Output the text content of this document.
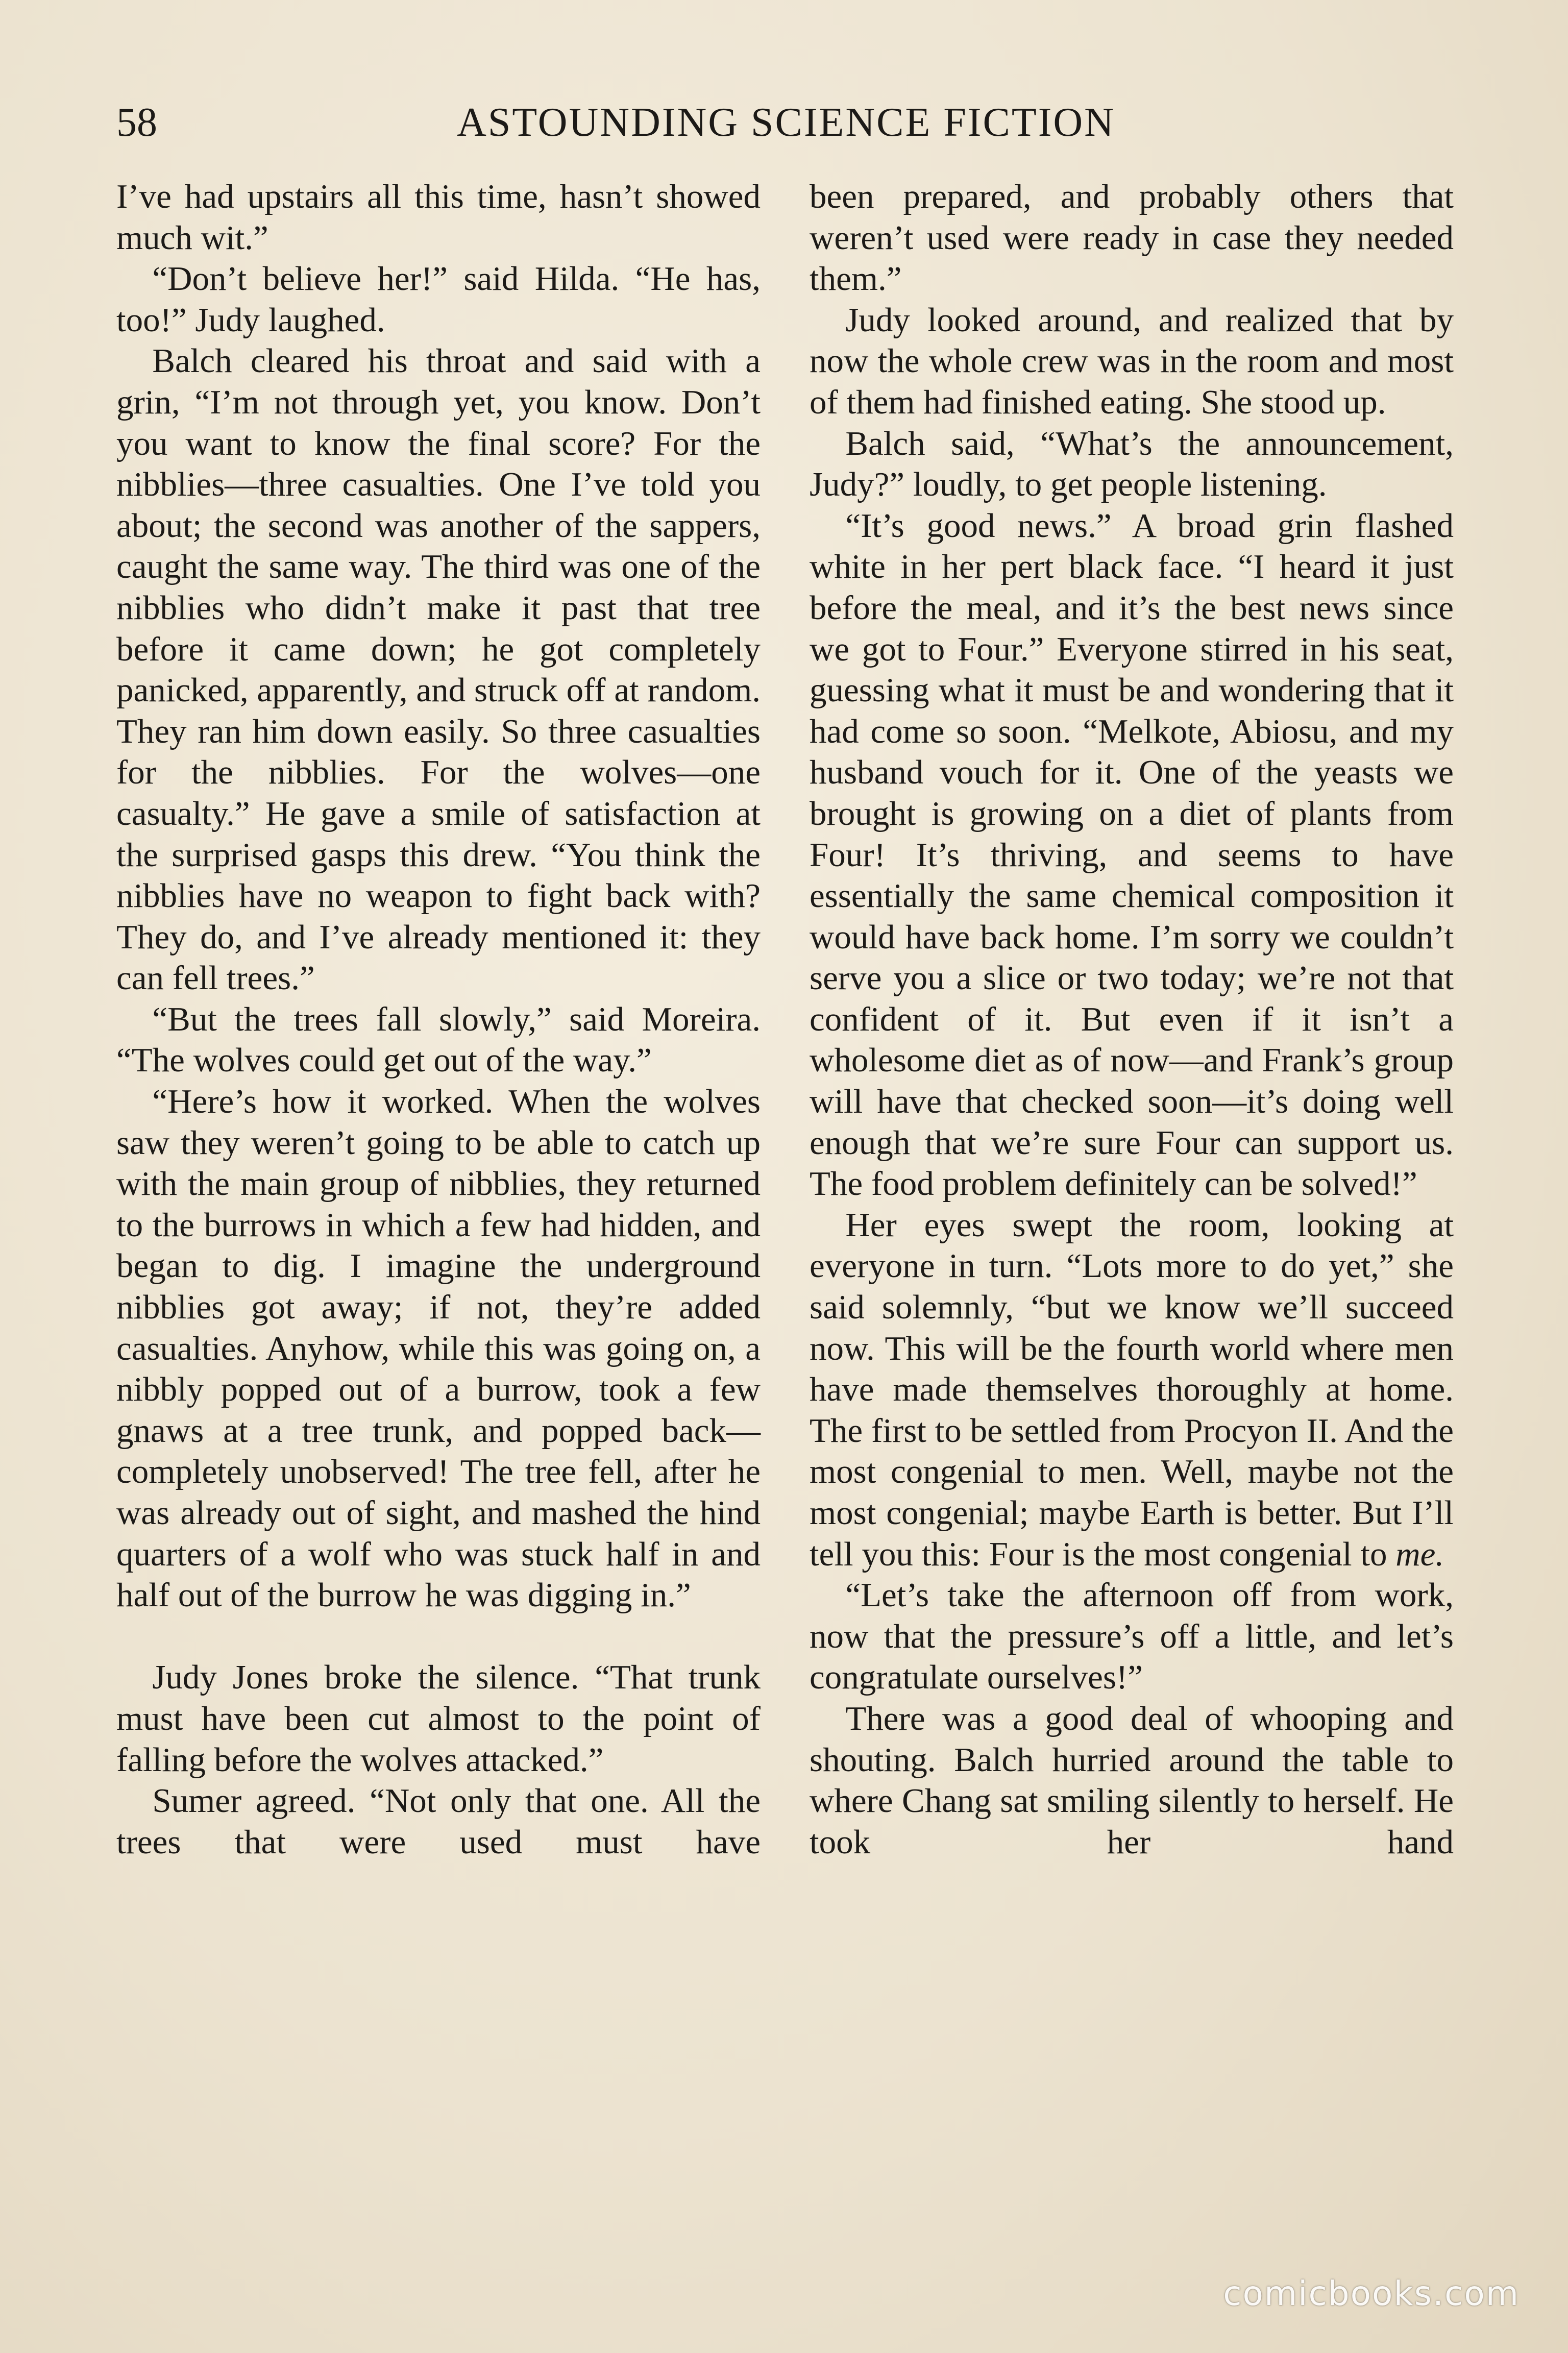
58	ASTOUNDING SCIENCE FICTION

I’ve had upstairs all this time, hasn’t showed much wit.”

“Don’t believe her!” said Hilda. “He has, too!” Judy laughed.

Balch cleared his throat and said with a grin, “I’m not through yet, you know. Don’t you want to know the final score? For the nibblies—three casualties. One I’ve told you about; the second was another of the sappers, caught the same way. The third was one of the nibblies who didn’t make it past that tree before it came down; he got completely panicked, apparently, and struck off at random. They ran him down easily. So three casualties for the nibblies. For the wolves—one casualty.” He gave a smile of satisfaction at the surprised gasps this drew. “You think the nibblies have no weapon to fight back with? They do, and I’ve already mentioned it: they can fell trees.”

“But the trees fall slowly,” said Moreira. “The wolves could get out of the way.”

“Here’s how it worked. When the wolves saw they weren’t going to be able to catch up with the main group of nibblies, they returned to the burrows in which a few had hidden, and began to dig. I imagine the underground nibblies got away; if not, they’re added casualties. Anyhow, while this was going on, a nibbly popped out of a burrow, took a few gnaws at a tree trunk, and popped back—completely unobserved! The tree fell, after he was already out of sight, and mashed the hind quarters of a wolf who was stuck half in and half out of the burrow he was digging in.”

Judy Jones broke the silence. “That trunk must have been cut almost to the point of falling before the wolves attacked.”

Sumer agreed. “Not only that one. All the trees that were used must have

been prepared, and probably others that weren’t used were ready in case they needed them.”

Judy looked around, and realized that by now the whole crew was in the room and most of them had finished eating. She stood up.

Balch said, “What’s the announcement, Judy?” loudly, to get people listening.

“It’s good news.” A broad grin flashed white in her pert black face. “I heard it just before the meal, and it’s the best news since we got to Four.” Everyone stirred in his seat, guessing what it must be and wondering that it had come so soon. “Melkote, Abiosu, and my husband vouch for it. One of the yeasts we brought is growing on a diet of plants from Four! It’s thriving, and seems to have essentially the same chemical composition it would have back home. I’m sorry we couldn’t serve you a slice or two today; we’re not that confident of it. But even if it isn’t a wholesome diet as of now—and Frank’s group will have that checked soon—it’s doing well enough that we’re sure Four can support us. The food problem definitely can be solved!”

Her eyes swept the room, looking at everyone in turn. “Lots more to do yet,” she said solemnly, “but we know we’ll succeed now. This will be the fourth world where men have made themselves thoroughly at home. The first to be settled from Procyon II. And the most congenial to men. Well, maybe not the most congenial; maybe Earth is better. But I’ll tell you this: Four is the most congenial to me.

“Let’s take the afternoon off from work, now that the pressure’s off a little, and let’s congratulate ourselves!”

There was a good deal of whooping and shouting. Balch hurried around the table to where Chang sat smiling silently to herself. He took her hand

comicbooks.com
